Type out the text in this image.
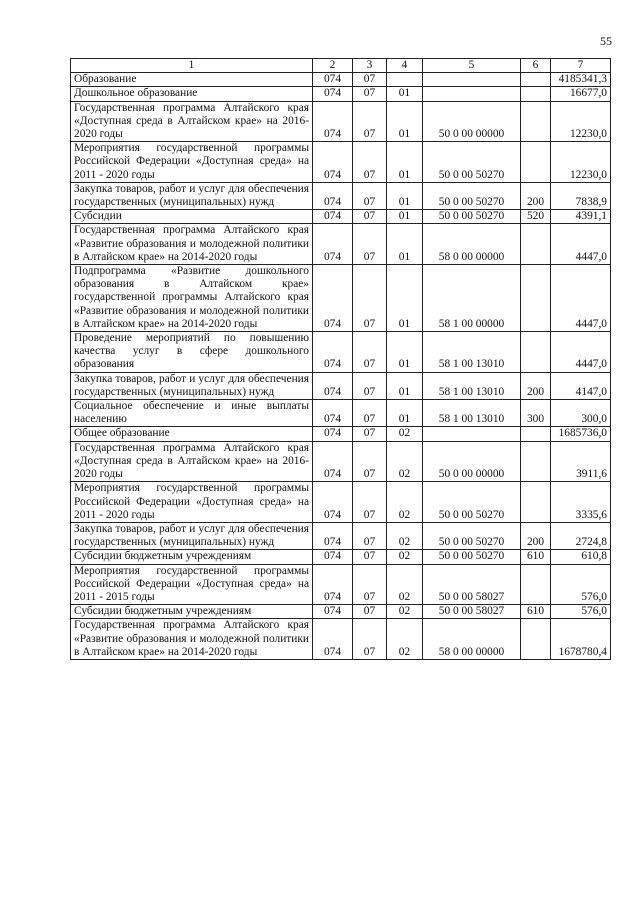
55
1	2	3	4	5	6	7
Образование	074	07				4185341,3
Дошкольное образование	074	07	01			16677,0
Государственная программа Алтайского края «Доступная среда в Алтайском крае» на 2016-2020 годы	074	07	01	50 0 00 00000		12230,0
Мероприятия государственной программы Российской Федерации «Доступная среда» на 2011 - 2020 годы	074	07	01	50 0 00 50270		12230,0
Закупка товаров, работ и услуг для обеспечения государственных (муниципальных) нужд	074	07	01	50 0 00 50270	200	7838,9
Субсидии	074	07	01	50 0 00 50270	520	4391,1
Государственная программа Алтайского края «Развитие образования и молодежной политики в Алтайском крае» на 2014-2020 годы	074	07	01	58 0 00 00000		4447,0
Подпрограмма «Развитие дошкольного образования в Алтайском крае» государственной программы Алтайского края «Развитие образования и молодежной политики в Алтайском крае» на 2014-2020 годы	074	07	01	58 1 00 00000		4447,0
Проведение мероприятий по повышению качества услуг в сфере дошкольного образования	074	07	01	58 1 00 13010		4447,0
Закупка товаров, работ и услуг для обеспечения государственных (муниципальных) нужд	074	07	01	58 1 00 13010	200	4147,0
Социальное обеспечение и иные выплаты населению	074	07	01	58 1 00 13010	300	300,0
Общее образование	074	07	02			1685736,0
Государственная программа Алтайского края «Доступная среда в Алтайском крае» на 2016-2020 годы	074	07	02	50 0 00 00000		3911,6
Мероприятия государственной программы Российской Федерации «Доступная среда» на 2011 - 2020 годы	074	07	02	50 0 00 50270		3335,6
Закупка товаров, работ и услуг для обеспечения государственных (муниципальных) нужд	074	07	02	50 0 00 50270	200	2724,8
Субсидии бюджетным учреждениям	074	07	02	50 0 00 50270	610	610,8
Мероприятия государственной программы Российской Федерации «Доступная среда» на 2011 - 2015 годы	074	07	02	50 0 00 58027		576,0
Субсидии бюджетным учреждениям	074	07	02	50 0 00 58027	610	576,0
Государственная программа Алтайского края «Развитие образования и молодежной политики в Алтайском крае» на 2014-2020 годы	074	07	02	58 0 00 00000		1678780,4
